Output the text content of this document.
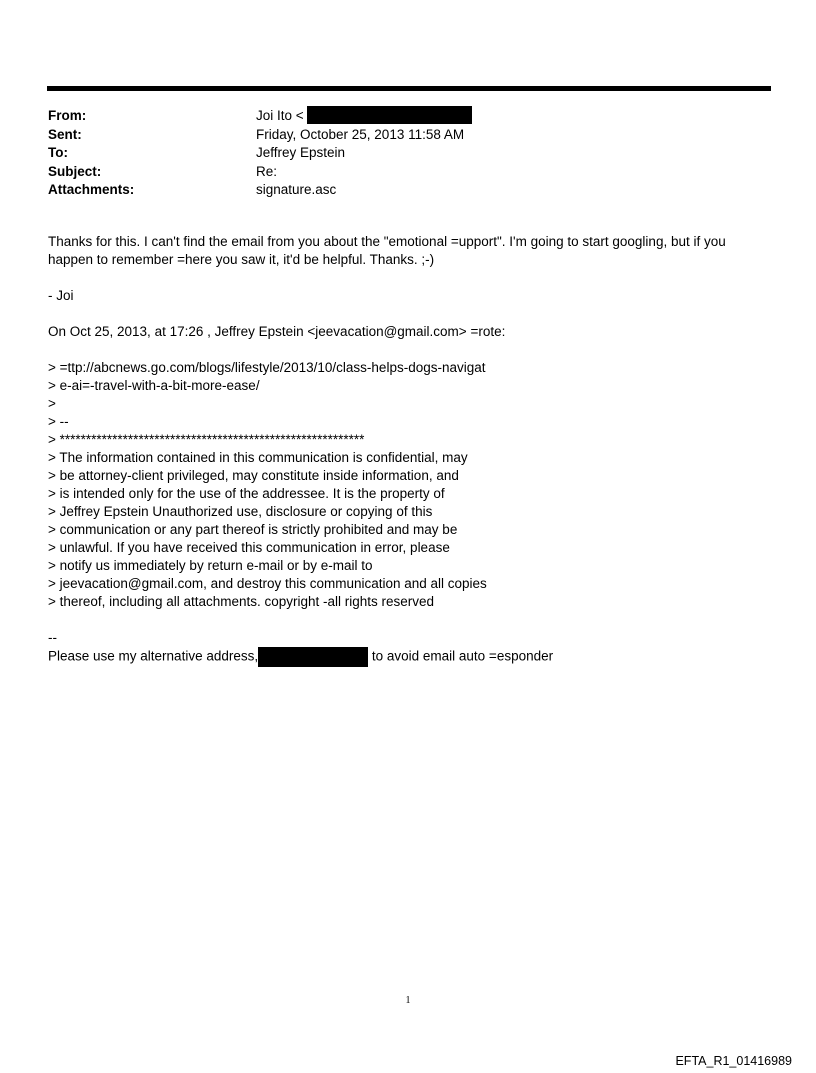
From:	Joi Ito <
Sent:	Friday, October 25, 2013 11:58 AM
To:	Jeffrey Epstein
Subject:	Re:
Attachments:	signature.asc

Thanks for this. I can't find the email from you about the "emotional =upport". I'm going to start googling, but if you happen to remember =here you saw it, it'd be helpful. Thanks. ;-)

- Joi

On Oct 25, 2013, at 17:26 , Jeffrey Epstein <jeevacation@gmail.com> =rote:

> =ttp://abcnews.go.com/blogs/lifestyle/2013/10/class-helps-dogs-navigat

> e-ai=-travel-with-a-bit-more-ease/

>

> --

> **********************************************************

> The information contained in this communication is confidential, may

> be attorney-client privileged, may constitute inside information, and

> is intended only for the use of the addressee. It is the property of

> Jeffrey Epstein Unauthorized use, disclosure or copying of this

> communication or any part thereof is strictly prohibited and may be

> unlawful. If you have received this communication in error, please

> notify us immediately by return e-mail or by e-mail to

> jeevacation@gmail.com, and destroy this communication and all copies

> thereof, including all attachments. copyright -all rights reserved

--

Please use my alternative address,	to avoid email auto =esponder

1
EFTA_R1_01416989
